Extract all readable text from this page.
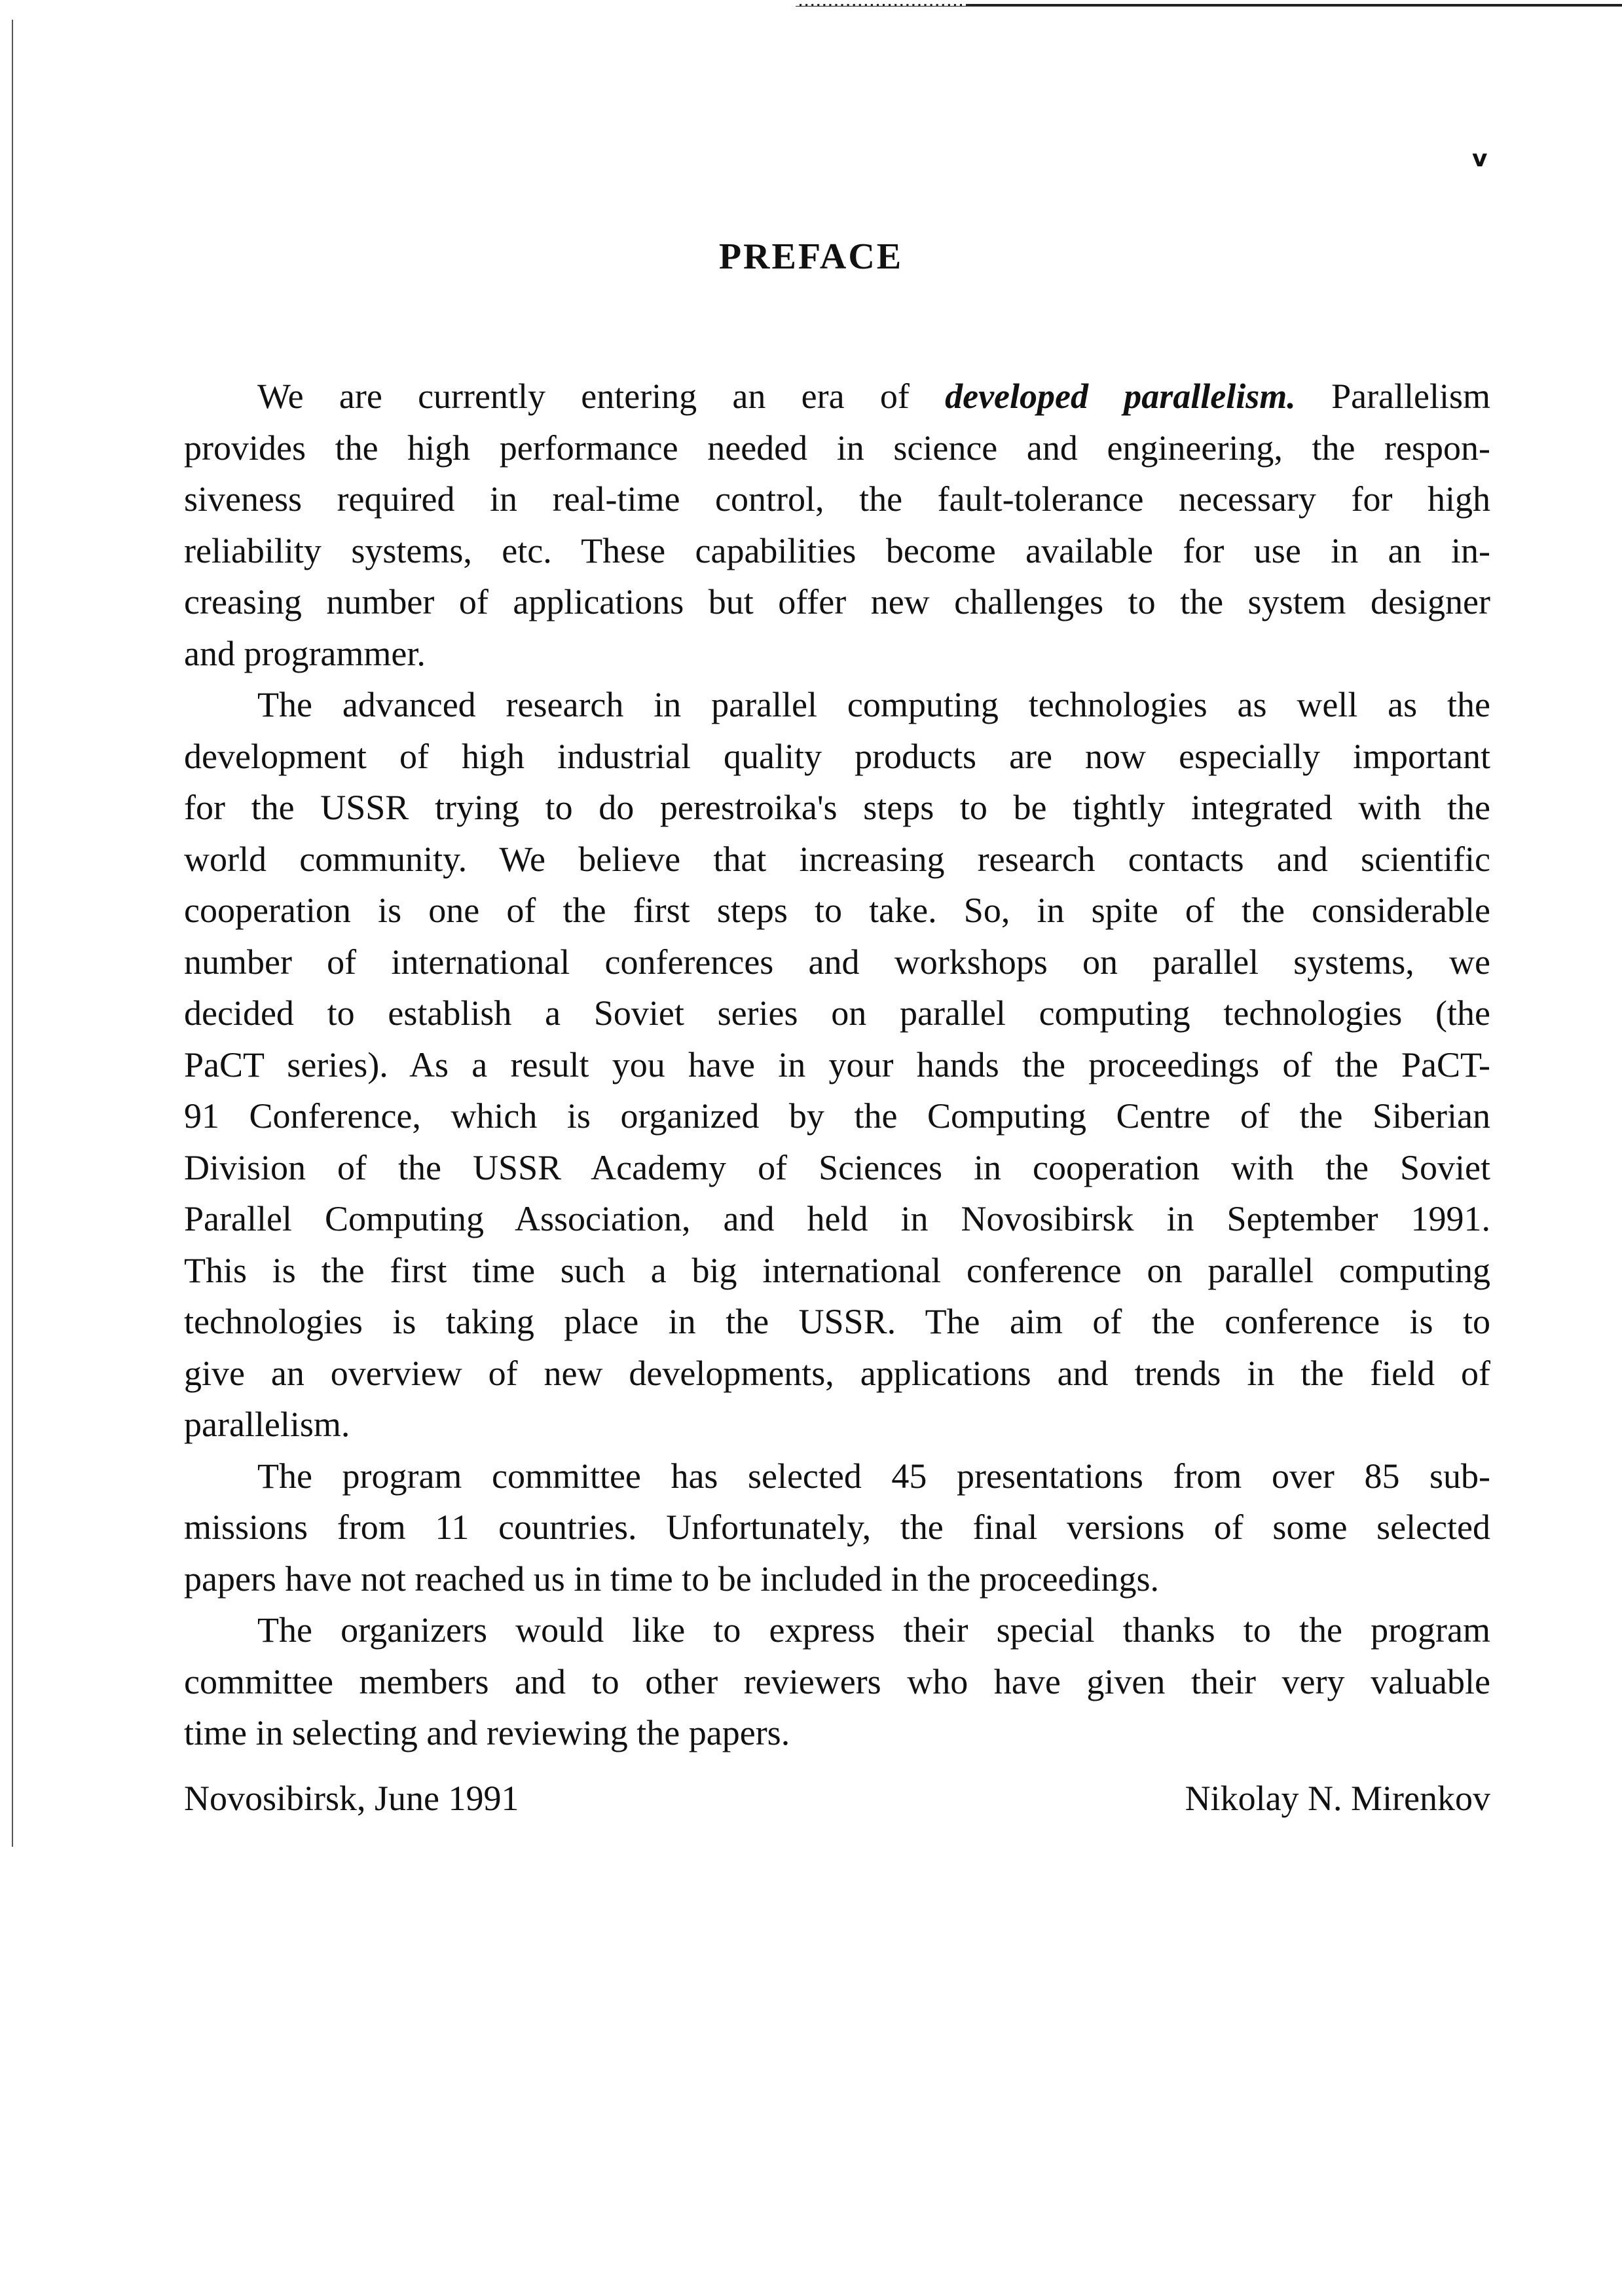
v
PREFACE
We are currently entering an era of developed parallelism. Parallelism
provides the high performance needed in science and engineering, the respon-
siveness required in real-time control, the fault-tolerance necessary for high
reliability systems, etc. These capabilities become available for use in an in-
creasing number of applications but offer new challenges to the system designer
and programmer.
The advanced research in parallel computing technologies as well as the
development of high industrial quality products are now especially important
for the USSR trying to do perestroika's steps to be tightly integrated with the
world community. We believe that increasing research contacts and scientific
cooperation is one of the first steps to take. So, in spite of the considerable
number of international conferences and workshops on parallel systems, we
decided to establish a Soviet series on parallel computing technologies (the
PaCT series). As a result you have in your hands the proceedings of the PaCT-
91 Conference, which is organized by the Computing Centre of the Siberian
Division of the USSR Academy of Sciences in cooperation with the Soviet
Parallel Computing Association, and held in Novosibirsk in September 1991.
This is the first time such a big international conference on parallel computing
technologies is taking place in the USSR. The aim of the conference is to
give an overview of new developments, applications and trends in the field of
parallelism.
The program committee has selected 45 presentations from over 85 sub-
missions from 11 countries. Unfortunately, the final versions of some selected
papers have not reached us in time to be included in the proceedings.
The organizers would like to express their special thanks to the program
committee members and to other reviewers who have given their very valuable
time in selecting and reviewing the papers.
Novosibirsk, June 1991	Nikolay N. Mirenkov
